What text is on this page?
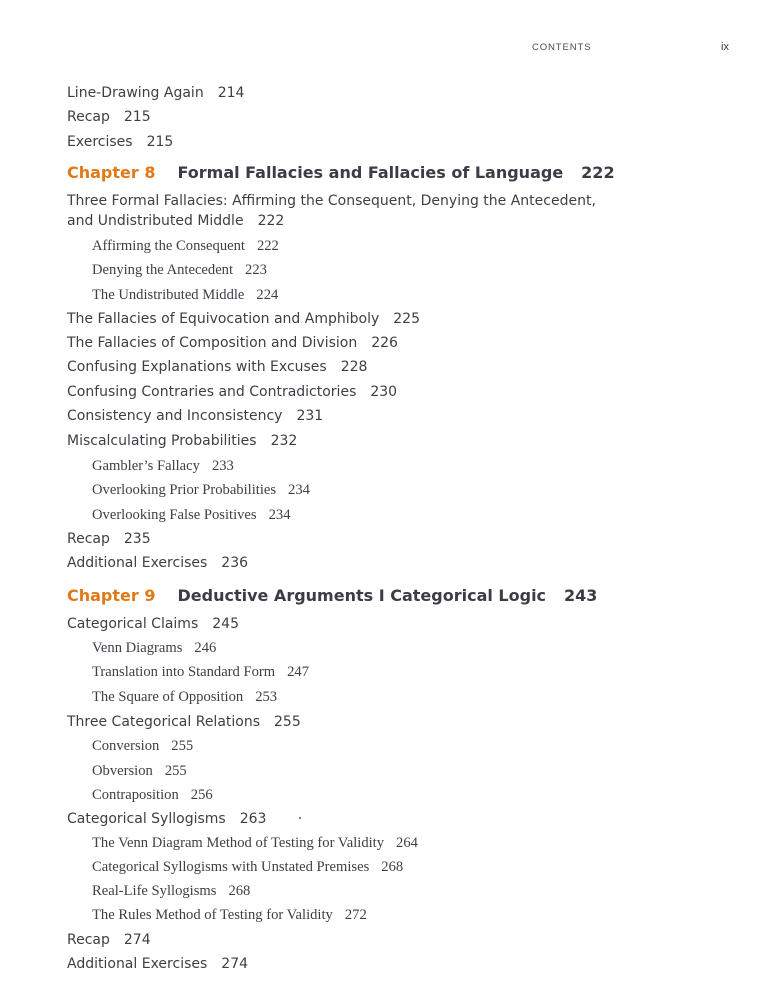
CONTENTS	ix
Line-Drawing Again 214
Recap 215
Exercises 215
Chapter 8 Formal Fallacies and Fallacies of Language 222
Three Formal Fallacies: Affirming the Consequent, Denying the Antecedent,
and Undistributed Middle 222
Affirming the Consequent 222
Denying the Antecedent 223
The Undistributed Middle 224
The Fallacies of Equivocation and Amphiboly 225
The Fallacies of Composition and Division 226
Confusing Explanations with Excuses 228
Confusing Contraries and Contradictories 230
Consistency and Inconsistency 231
Miscalculating Probabilities 232
Gambler’s Fallacy 233
Overlooking Prior Probabilities 234
Overlooking False Positives 234
Recap 235
Additional Exercises 236
Chapter 9 Deductive Arguments I Categorical Logic 243
Categorical Claims 245
Venn Diagrams 246
Translation into Standard Form 247
The Square of Opposition 253
Three Categorical Relations 255
Conversion 255
Obversion 255
Contraposition 256
Categorical Syllogisms 263
The Venn Diagram Method of Testing for Validity 264
Categorical Syllogisms with Unstated Premises 268
Real-Life Syllogisms 268
The Rules Method of Testing for Validity 272
Recap 274
Additional Exercises 274
